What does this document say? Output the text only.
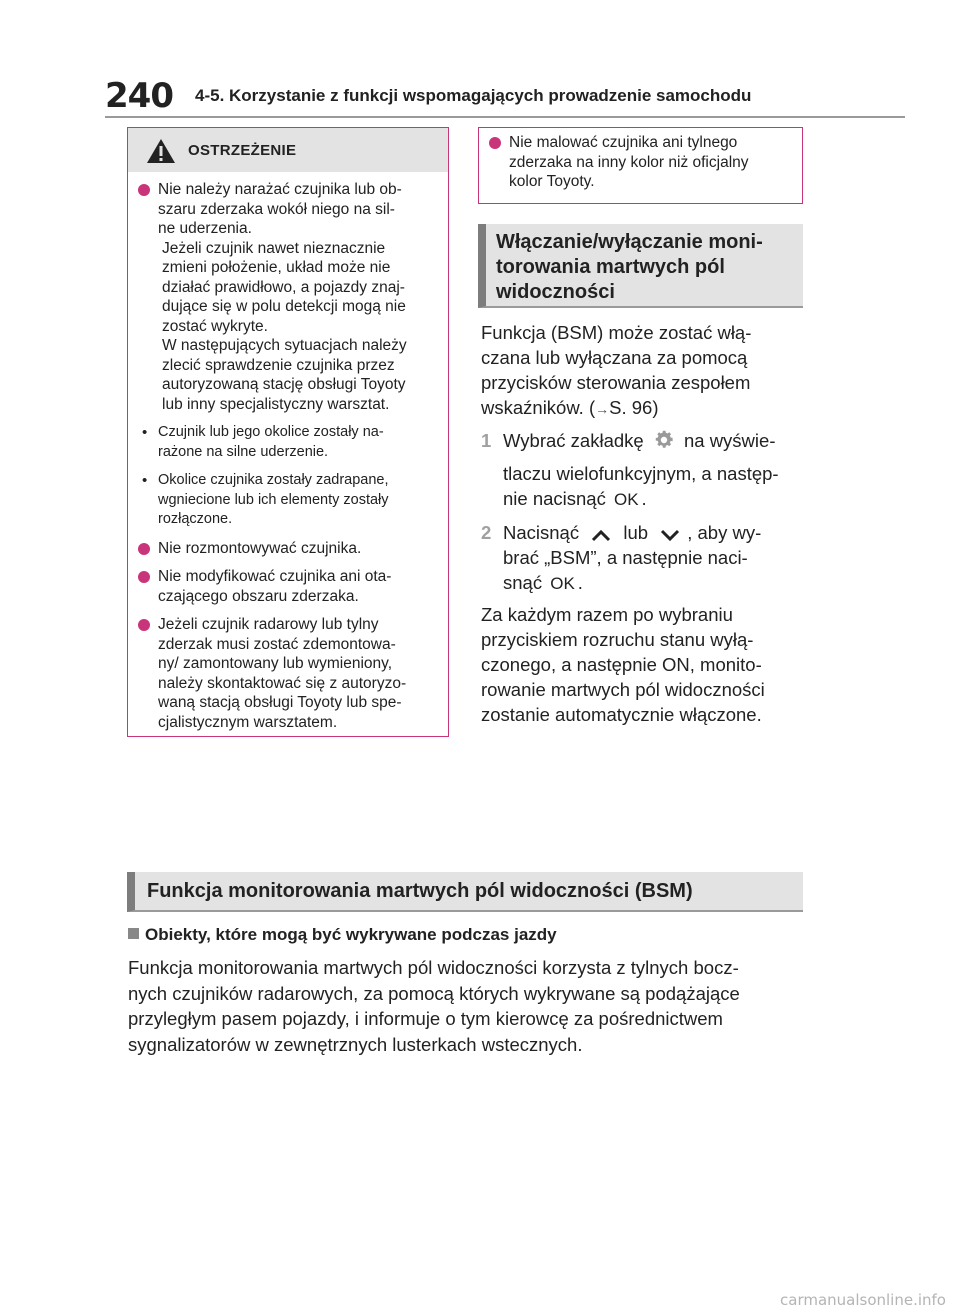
240 4-5. Korzystanie z funkcji wspomagających prowadzenie samochodu
OSTRZEŻENIE
Nie należy narażać czujnika lub ob-
szaru zderzaka wokół niego na sil-
ne uderzenia.
Jeżeli czujnik nawet nieznacznie
zmieni położenie, układ może nie
działać prawidłowo, a pojazdy znaj-
dujące się w polu detekcji mogą nie
zostać wykryte.
W następujących sytuacjach należy
zlecić sprawdzenie czujnika przez
autoryzowaną stację obsługi Toyoty
lub inny specjalistyczny warsztat.
• Czujnik lub jego okolice zostały na-
rażone na silne uderzenie.
• Okolice czujnika zostały zadrapane,
wgniecione lub ich elementy zostały
rozłączone.
Nie rozmontowywać czujnika.
Nie modyfikować czujnika ani ota-
czającego obszaru zderzaka.
Jeżeli czujnik radarowy lub tylny
zderzak musi zostać zdemontowa-
ny/ zamontowany lub wymieniony,
należy skontaktować się z autoryzo-
waną stacją obsługi Toyoty lub spe-
cjalistycznym warsztatem.
Nie malować czujnika ani tylnego
zderzaka na inny kolor niż oficjalny
kolor Toyoty.
Włączanie/wyłączanie moni-
torowania martwych pól
widoczności
Funkcja (BSM) może zostać włą-
czana lub wyłączana za pomocą
przycisków sterowania zespołem
wskaźników. (→S. 96)
1 Wybrać zakładkę na wyświe-
tlaczu wielofunkcyjnym, a następ-
nie nacisnąć OK .
2 Nacisnąć lub , aby wy-
brać „BSM”, a następnie naci-
snąć OK .
Za każdym razem po wybraniu
przyciskiem rozruchu stanu wyłą-
czonego, a następnie ON, monito-
rowanie martwych pól widoczności
zostanie automatycznie włączone.
Funkcja monitorowania martwych pól widoczności (BSM)
Obiekty, które mogą być wykrywane podczas jazdy
Funkcja monitorowania martwych pól widoczności korzysta z tylnych bocz-
nych czujników radarowych, za pomocą których wykrywane są podążające
przyległym pasem pojazdy, i informuje o tym kierowcę za pośrednictwem
sygnalizatorów w zewnętrznych lusterkach wstecznych.
carmanualsonline.info
